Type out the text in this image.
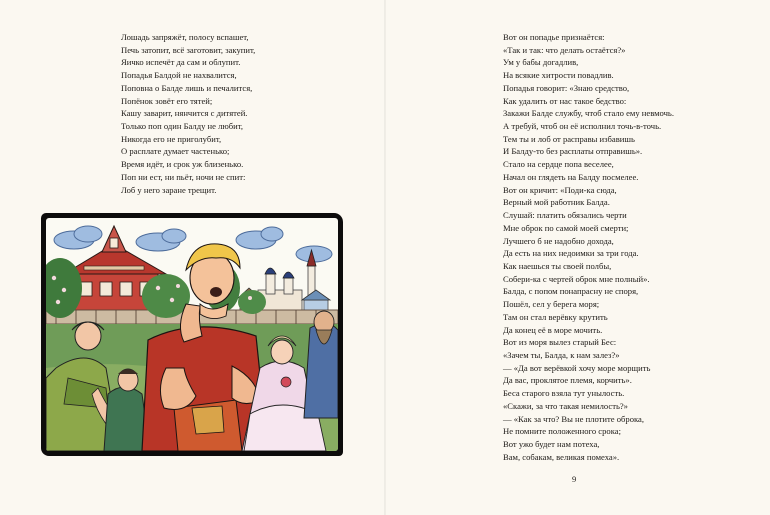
Лошадь запряжёт, полосу вспашет,
Печь затопит, всё заготовит, закупит,
Яичко испечёт да сам и облупит.
Попадья Балдой не нахвалится,
Поповна о Балде лишь и печалится,
Попёнок зовёт его тятей;
Кашу заварит, нянчится с дитятей.
Только поп один Балду не любит,
Никогда его не приголубит,
О расплате думает частенько;
Время идёт, и срок уж близенько.
Поп ни ест, ни пьёт, ночи не спит:
Лоб у него заране трещит.
Вот он попадье признаётся:
«Так и так: что делать остаётся?»
Ум у бабы догадлив,
На всякие хитрости повадлив.
Попадья говорит: «Знаю средство,
Как удалить от нас такое бедство:
Закажи Балде службу, чтоб стало ему невмочь.
А требуй, чтоб он её исполнил точь-в-точь.
Тем ты и лоб от расправы избавишь
И Балду-то без расплаты отправишь».
Стало на сердце попа веселее,
Начал он глядеть на Балду посмелее.
Вот он кричит: «Поди-ка сюда,
Верный мой работник Балда.
Слушай: платить обязались черти
Мне оброк по самой моей смерти;
Лучшего б не надобно дохода,
Да есть на них недоимки за три года.
Как наешься ты своей полбы,
Собери-ка с чертей оброк мне полный».
Балда, с попом понапрасну не споря,
Пошёл, сел у берега моря;
Там он стал верёвку крутить
Да конец её в море мочить.
Вот из моря вылез старый Бес:
«Зачем ты, Балда, к нам залез?»
— «Да вот верёвкой хочу море морщить
Да вас, проклятое племя, корчить».
Беса старого взяла тут унылость.
«Скажи, за что такая немилость?»
— «Как за что? Вы не плотите оброка,
Не помните положенного срока;
Вот ужо будет нам потеха,
Вам, собакам, великая помеха».
9
